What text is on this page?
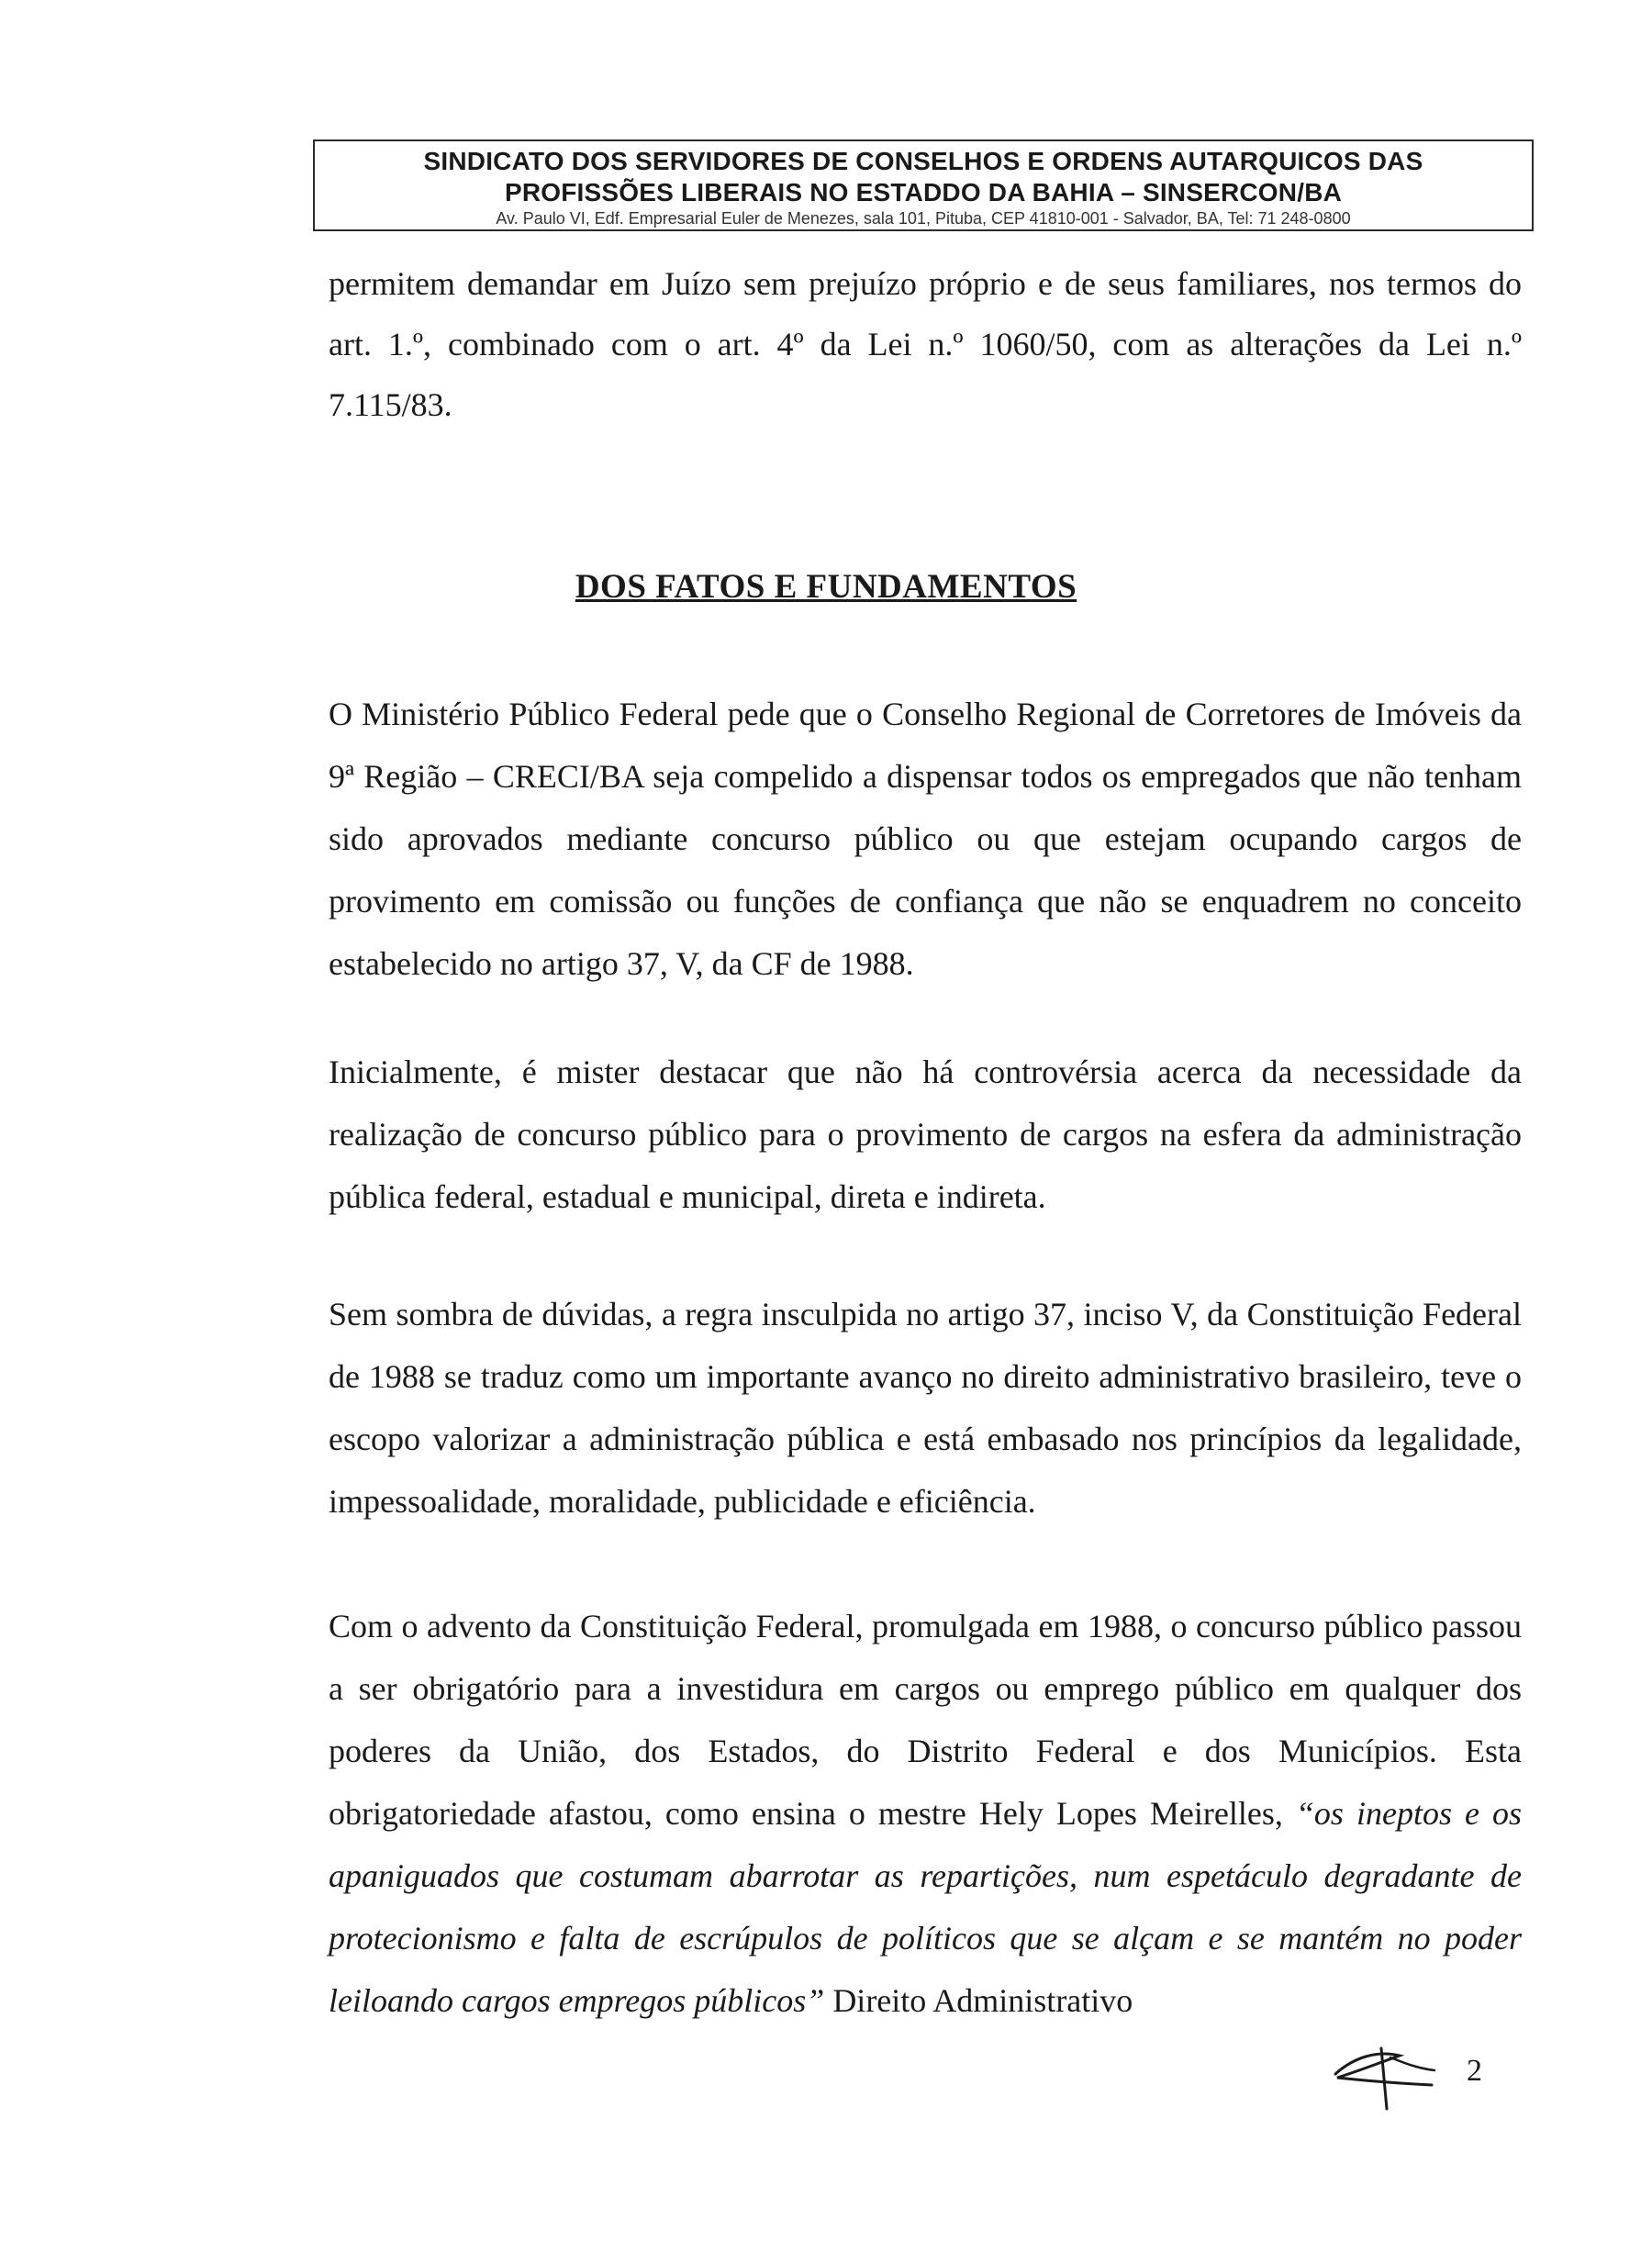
SINDICATO DOS SERVIDORES DE CONSELHOS E ORDENS AUTARQUICOS DAS
PROFISSÕES LIBERAIS NO ESTADDO DA BAHIA – SINSERCON/BA
Av. Paulo VI, Edf. Empresarial Euler de Menezes, sala 101, Pituba, CEP 41810-001 - Salvador, BA, Tel: 71 248-0800

permitem demandar em Juízo sem prejuízo próprio e de seus familiares, nos termos do art. 1.º, combinado com o art. 4º da Lei n.º 1060/50, com as alterações da Lei n.º 7.115/83.

DOS FATOS E FUNDAMENTOS

O Ministério Público Federal pede que o Conselho Regional de Corretores de Imóveis da 9ª Região – CRECI/BA seja compelido a dispensar todos os empregados que não tenham sido aprovados mediante concurso público ou que estejam ocupando cargos de provimento em comissão ou funções de confiança que não se enquadrem no conceito estabelecido no artigo 37, V, da CF de 1988.

Inicialmente, é mister destacar que não há controvérsia acerca da necessidade da realização de concurso público para o provimento de cargos na esfera da administração pública federal, estadual e municipal, direta e indireta.

Sem sombra de dúvidas, a regra insculpida no artigo 37, inciso V, da Constituição Federal de 1988 se traduz como um importante avanço no direito administrativo brasileiro, teve o escopo valorizar a administração pública e está embasado nos princípios da legalidade, impessoalidade, moralidade, publicidade e eficiência.

Com o advento da Constituição Federal, promulgada em 1988, o concurso público passou a ser obrigatório para a investidura em cargos ou emprego público em qualquer dos poderes da União, dos Estados, do Distrito Federal e dos Municípios. Esta obrigatoriedade afastou, como ensina o mestre Hely Lopes Meirelles, “os ineptos e os apaniguados que costumam abarrotar as repartições, num espetáculo degradante de protecionismo e falta de escrúpulos de políticos que se alçam e se mantém no poder leiloando cargos empregos públicos” Direito Administrativo

2
